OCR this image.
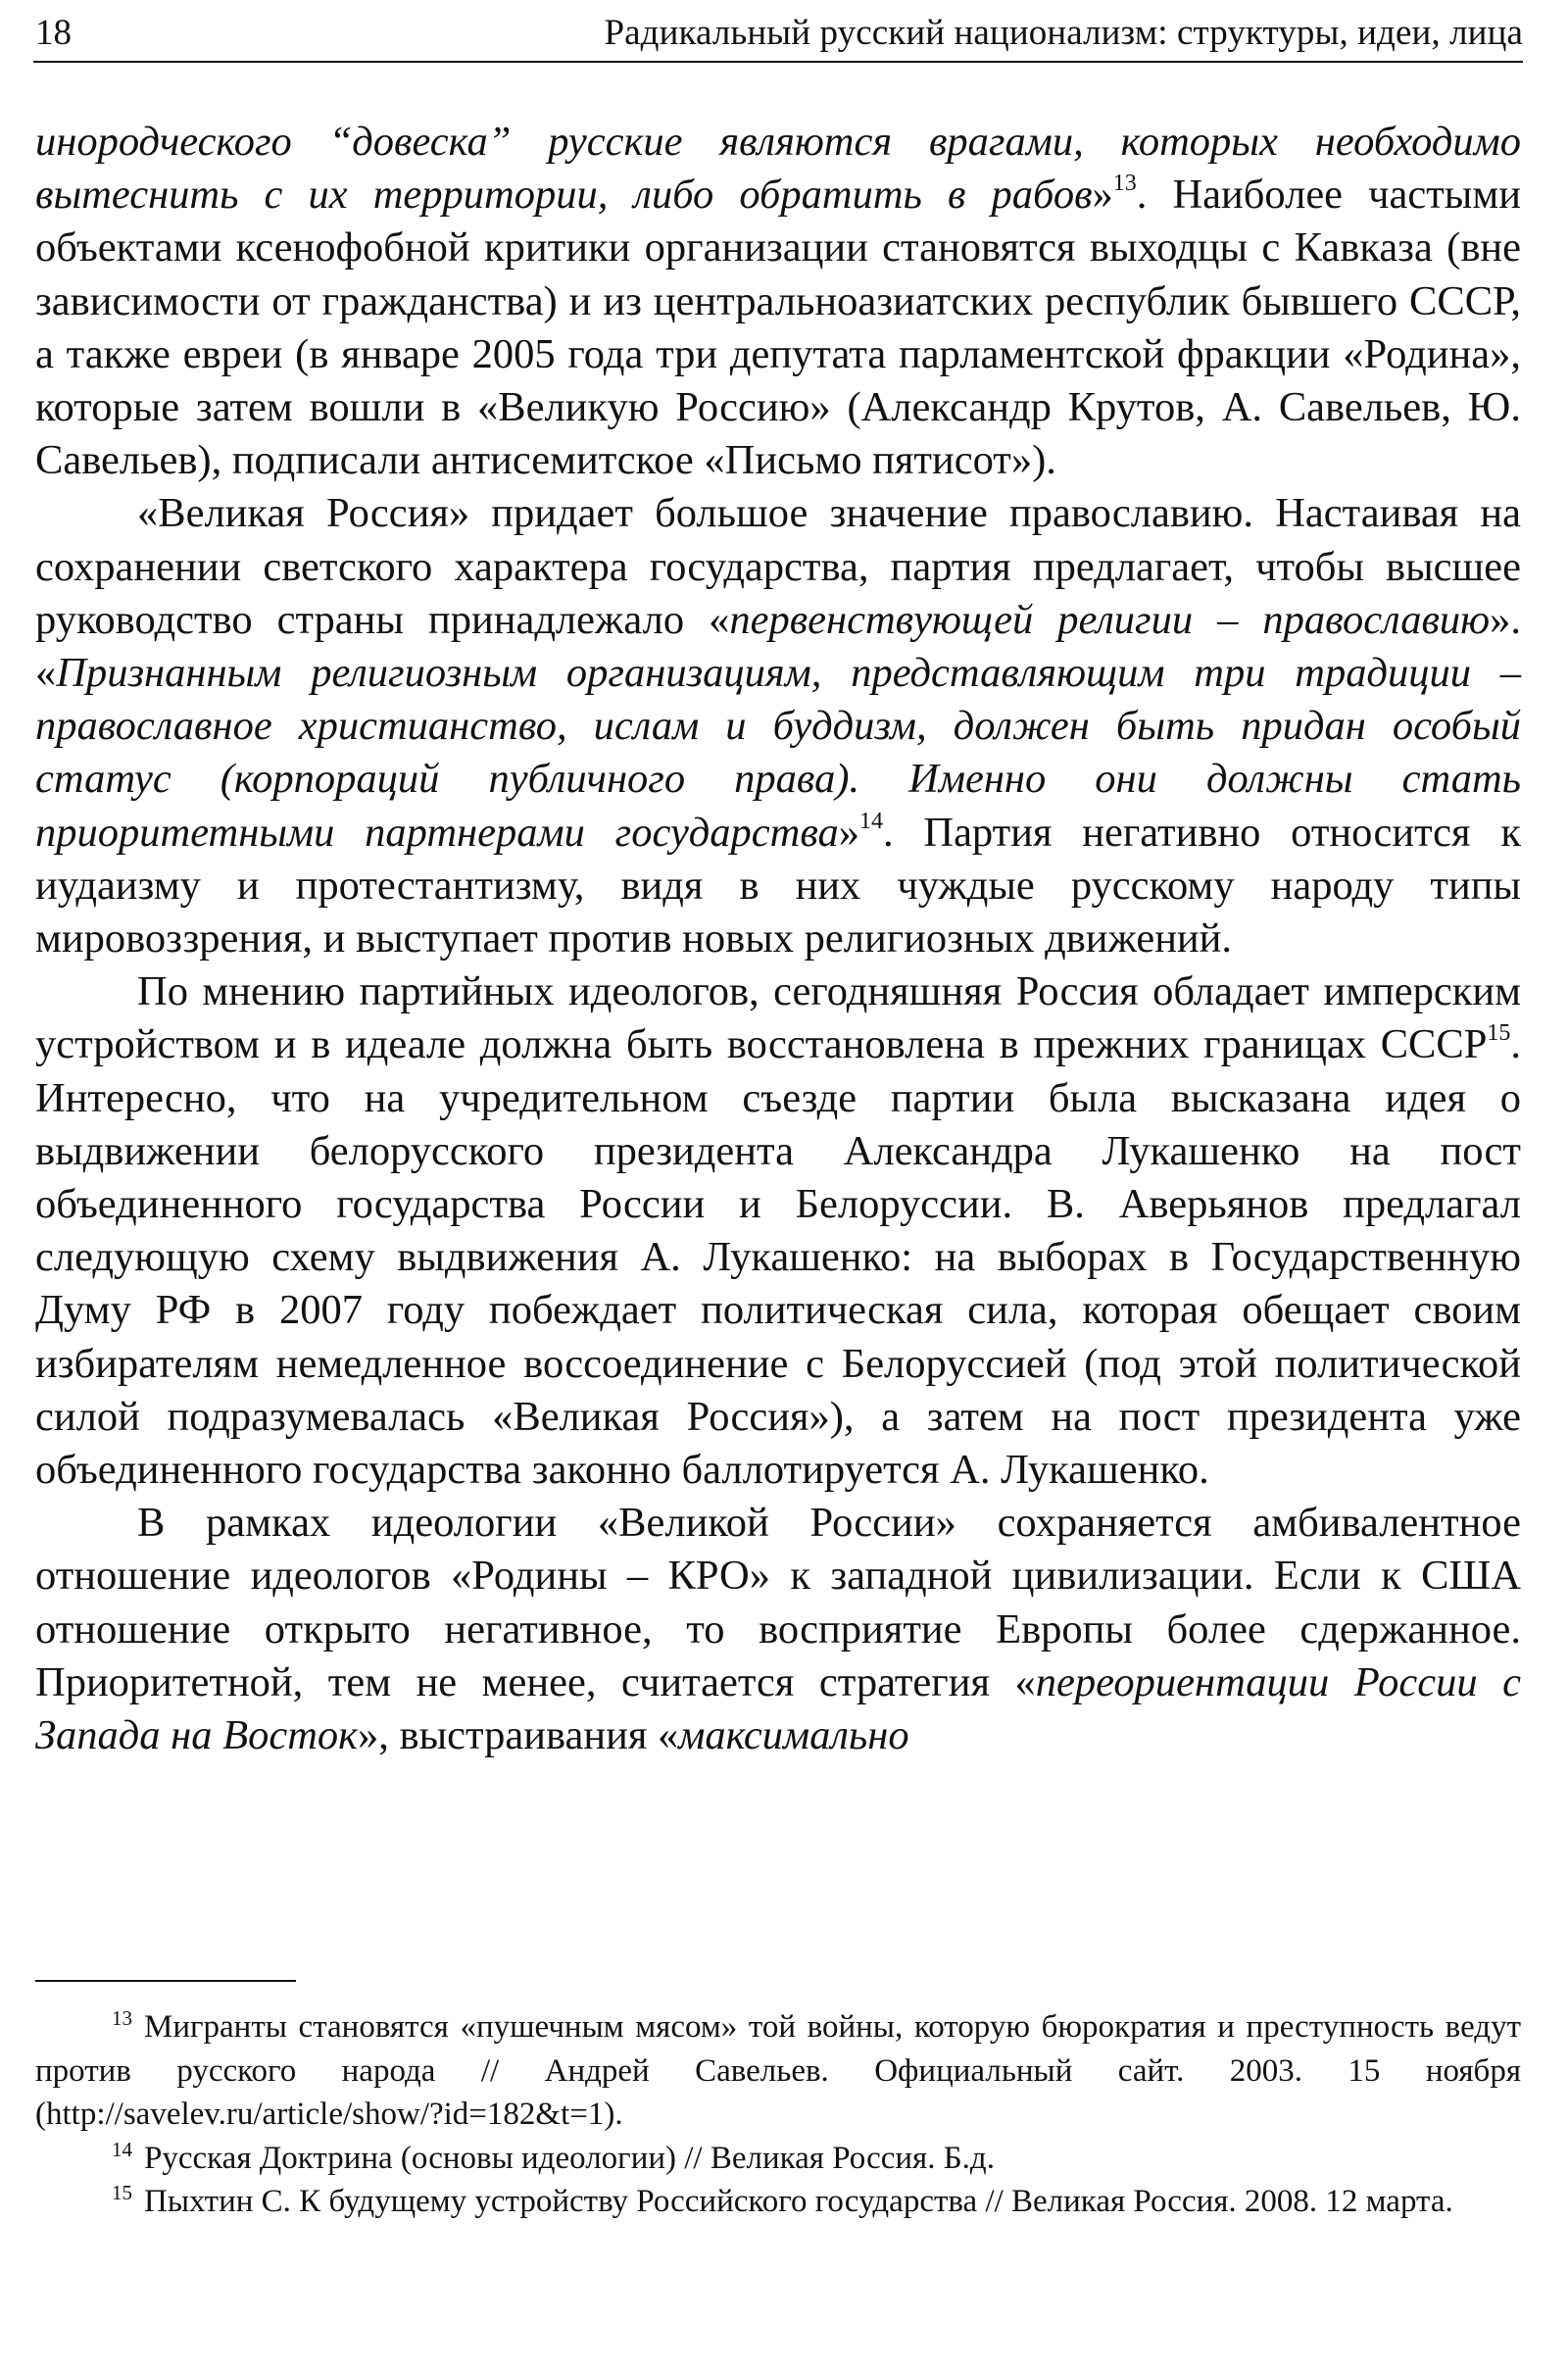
18	Радикальный русский национализм: структуры, идеи, лица

инородческого “довеска” русские являются врагами, которых необходимо вытеснить с их территории, либо обратить в рабов»$^{13}$. Наиболее частыми объектами ксенофобной критики организации становятся выходцы с Кавказа (вне зависимости от гражданства) и из центральноазиатских республик бывшего СССР, а также евреи (в январе 2005 года три депутата парламентской фракции «Родина», которые затем вошли в «Великую Россию» (Александр Крутов, А. Савельев, Ю. Савельев), подписали антисемитское «Письмо пятисот»).

«Великая Россия» придает большое значение православию. Настаивая на сохранении светского характера государства, партия предлагает, чтобы высшее руководство страны принадлежало «первенствующей религии – православию». «Признанным религиозным организациям, представляющим три традиции – православное христианство, ислам и буддизм, должен быть придан особый статус (корпораций публичного права). Именно они должны стать приоритетными партнерами государства»$^{14}$. Партия негативно относится к иудаизму и протестантизму, видя в них чуждые русскому народу типы мировоззрения, и выступает против новых религиозных движений.

По мнению партийных идеологов, сегодняшняя Россия обладает имперским устройством и в идеале должна быть восстановлена в прежних границах СССР$^{15}$. Интересно, что на учредительном съезде партии была высказана идея о выдвижении белорусского президента Александра Лукашенко на пост объединенного государства России и Белоруссии. В. Аверьянов предлагал следующую схему выдвижения А. Лукашенко: на выборах в Государственную Думу РФ в 2007 году побеждает политическая сила, которая обещает своим избирателям немедленное воссоединение с Белоруссией (под этой политической силой подразумевалась «Великая Россия»), а затем на пост президента уже объединенного государства законно баллотируется А. Лукашенко.

В рамках идеологии «Великой России» сохраняется амбивалентное отношение идеологов «Родины – КРО» к западной цивилизации. Если к США отношение открыто негативное, то восприятие Европы более сдержанное. Приоритетной, тем не менее, считается стратегия «переориентации России с Запада на Восток», выстраивания «максимально

$^{13}$ Мигранты становятся «пушечным мясом» той войны, которую бюрократия и преступность ведут против русского народа // Андрей Савельев. Официальный сайт. 2003. 15 ноября (http://savelev.ru/article/show/?id=182&t=1).

$^{14}$ Русская Доктрина (основы идеологии) // Великая Россия. Б.д.

$^{15}$ Пыхтин С. К будущему устройству Российского государства // Великая Россия. 2008. 12 марта.
